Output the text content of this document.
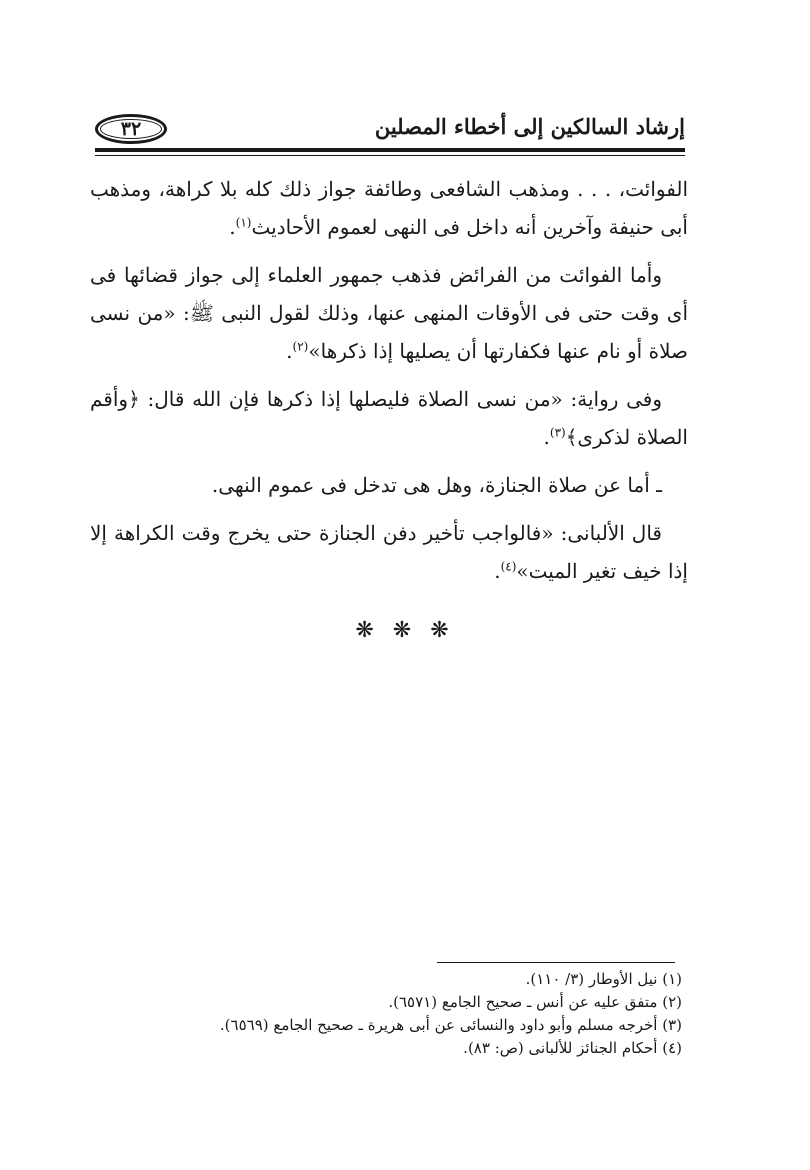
٣٢	إرشاد السالكين إلى أخطاء المصلين

الفوائت، . . . ومذهب الشافعى وطائفة جواز ذلك كله بلا كراهة، ومذهب أبى حنيفة وآخرين أنه داخل فى النهى لعموم الأحاديث$^{(١)}$.

وأما الفوائت من الفرائض فذهب جمهور العلماء إلى جواز قضائها فى أى وقت حتى فى الأوقات المنهى عنها، وذلك لقول النبى ﷺ: «من نسى صلاة أو نام عنها فكفارتها أن يصليها إذا ذكرها»$^{(٢)}$.

وفى رواية: «من نسى الصلاة فليصلها إذا ذكرها فإن الله قال: ﴿وأقم الصلاة لذكرى﴾$^{(٣)}$.

ـ أما عن صلاة الجنازة، وهل هى تدخل فى عموم النهى.

قال الألبانى: «فالواجب تأخير دفن الجنازة حتى يخرج وقت الكراهة إلا إذا خيف تغير الميت»$^{(٤)}$.

❋ ❋ ❋
(١) نيل الأوطار (٣/ ١١٠).
(٢) متفق عليه عن أنس ـ صحيح الجامع (٦٥٧١).
(٣) أخرجه مسلم وأبو داود والنسائى عن أبى هريرة ـ صحيح الجامع (٦٥٦٩).
(٤) أحكام الجنائز للألبانى (ص: ٨٣).
